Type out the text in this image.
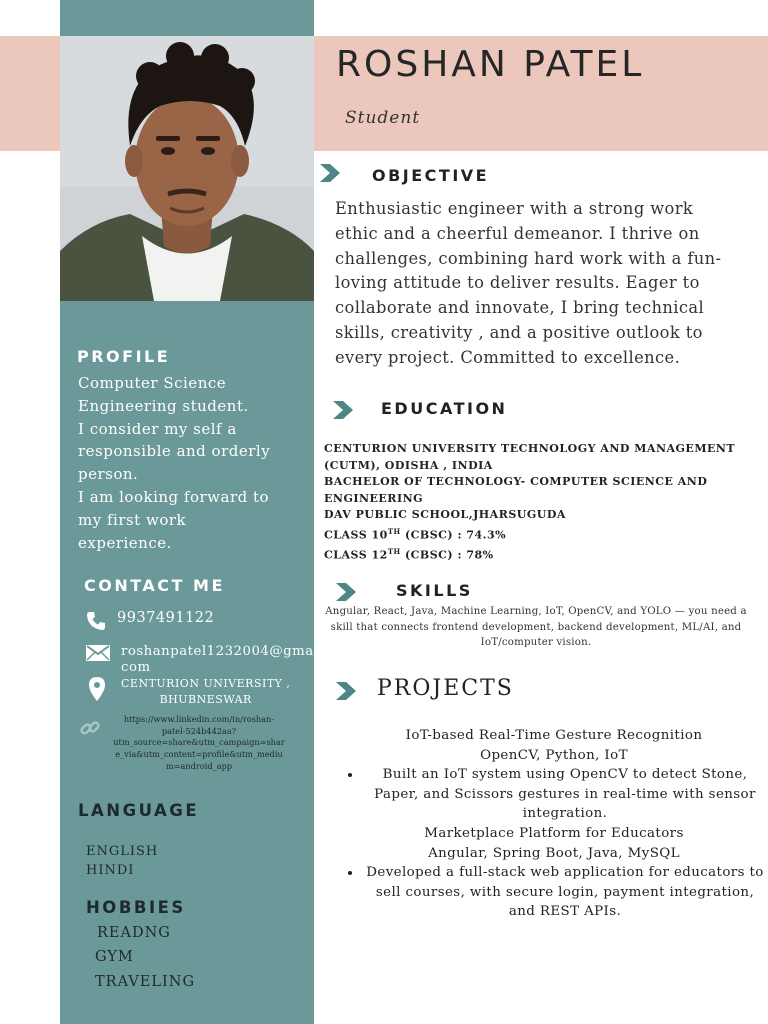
ROSHAN PATEL
Student
OBJECTIVE

Enthusiastic engineer with a strong work ethic and a cheerful demeanor. I thrive on challenges, combining hard work with a fun-loving attitude to deliver results. Eager to collaborate and innovate, I bring technical skills, creativity , and a positive outlook to every project. Committed to excellence.

EDUCATION
CENTURION UNIVERSITY TECHNOLOGY AND MANAGEMENT (CUTM), ODISHA , INDIA
BACHELOR OF TECHNOLOGY- COMPUTER SCIENCE AND ENGINEERING
DAV PUBLIC SCHOOL,JHARSUGUDA
CLASS 10TH (CBSC) : 74.3%
CLASS 12TH (CBSC) : 78%
SKILLS
Angular, React, Java, Machine Learning, IoT, OpenCV, and YOLO — you need a skill that connects frontend development, backend development, ML/AI, and IoT/computer vision.
PROJECTS
IoT-based Real-Time Gesture Recognition
OpenCV, Python, IoT
• Built an IoT system using OpenCV to detect Stone, Paper, and Scissors gestures in real-time with sensor integration.
Marketplace Platform for Educators
Angular, Spring Boot, Java, MySQL
• Developed a full-stack web application for educators to sell courses, with secure login, payment integration, and REST APIs.
PROFILE
Computer Science
Engineering student.
I consider my self a
responsible and orderly
person.
I am looking forward to
my first work
experience.
CONTACT ME
9937491122
roshanpatel1232004@gmail.
com
CENTURION UNIVERSITY ,
BHUBNESWAR
https://www.linkedin.com/in/roshan-
patel-524b442aa?
utm_source=share&utm_campaign=shar
e_via&utm_content=profile&utm_mediu
m=android_app
LANGUAGE
ENGLISH
HINDI
HOBBIES
READNG
GYM
TRAVELING
